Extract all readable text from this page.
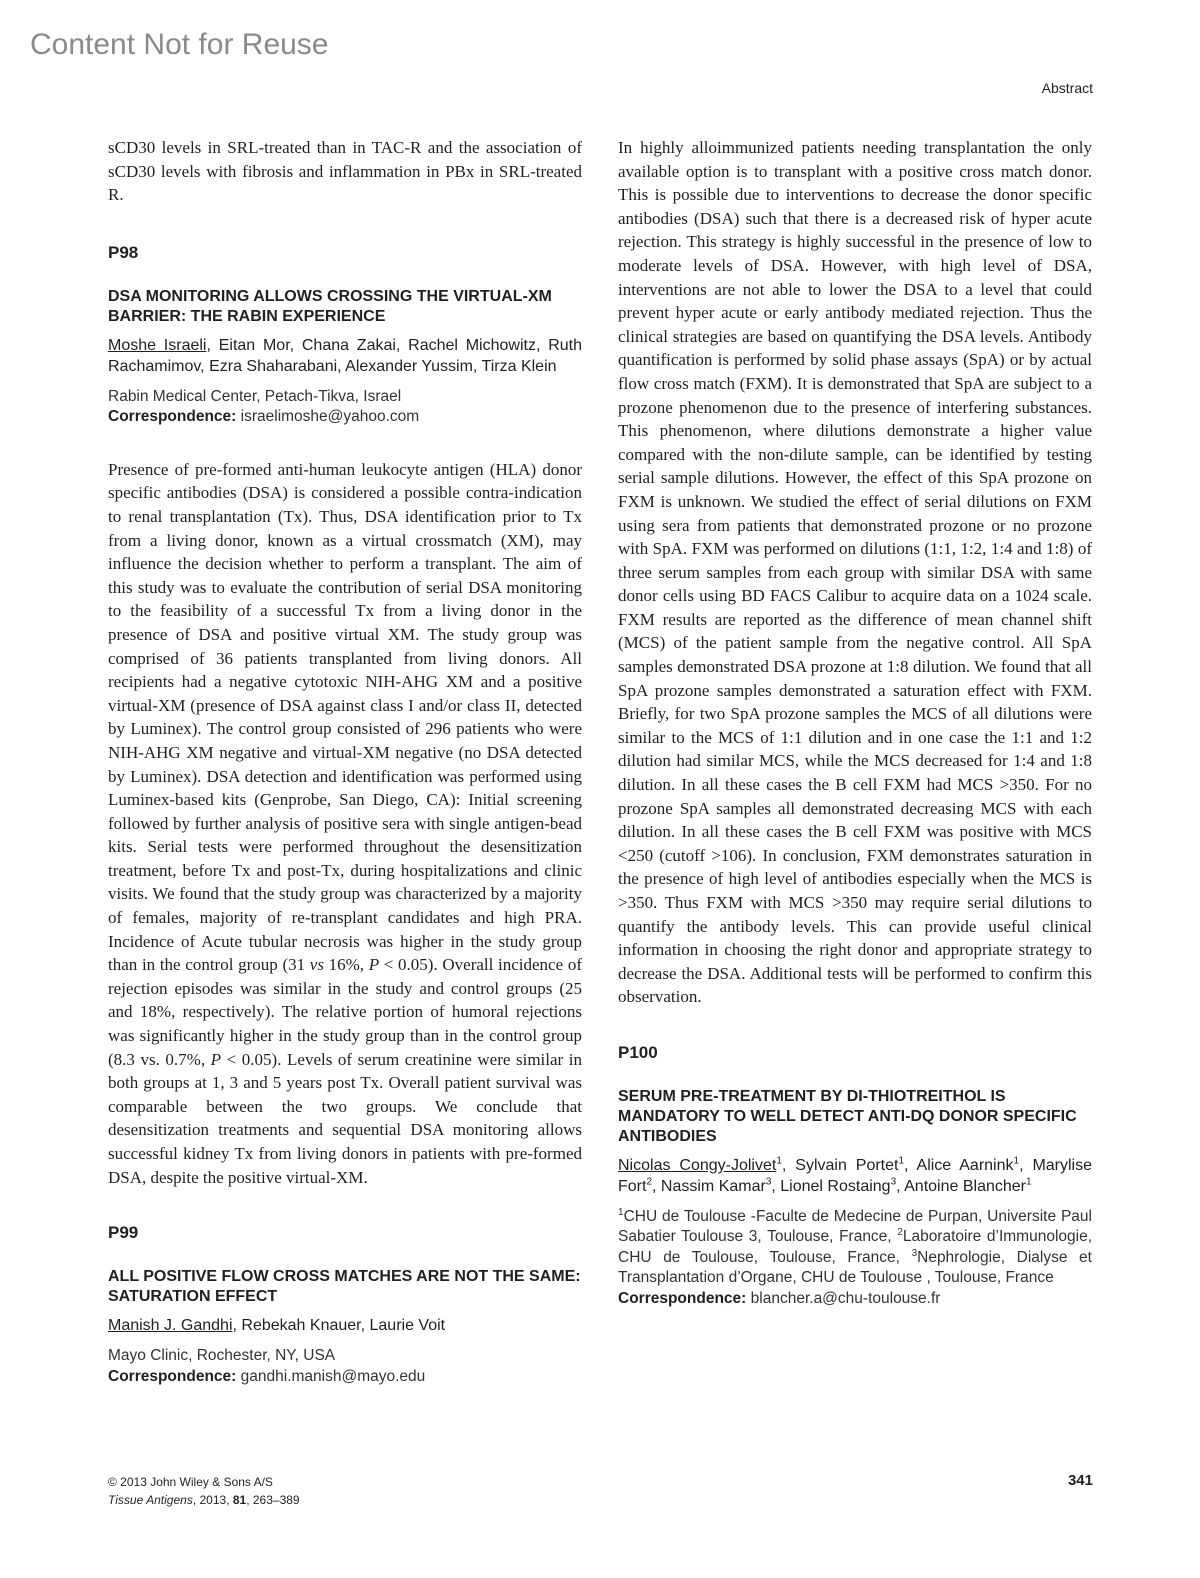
Content Not for Reuse
Abstract

sCD30 levels in SRL-treated than in TAC-R and the association of sCD30 levels with fibrosis and inflammation in PBx in SRL-treated R.

P98

DSA MONITORING ALLOWS CROSSING THE VIRTUAL-XM BARRIER: THE RABIN EXPERIENCE

Moshe Israeli, Eitan Mor, Chana Zakai, Rachel Michowitz, Ruth Rachamimov, Ezra Shaharabani, Alexander Yussim, Tirza Klein

Rabin Medical Center, Petach-Tikva, Israel

Correspondence: israelimoshe@yahoo.com

Presence of pre-formed anti-human leukocyte antigen (HLA) donor specific antibodies (DSA) is considered a possible contra-indication to renal transplantation (Tx). Thus, DSA identification prior to Tx from a living donor, known as a virtual crossmatch (XM), may influence the decision whether to perform a transplant. The aim of this study was to evaluate the contribution of serial DSA monitoring to the feasibility of a successful Tx from a living donor in the presence of DSA and positive virtual XM. The study group was comprised of 36 patients transplanted from living donors. All recipients had a negative cytotoxic NIH-AHG XM and a positive virtual-XM (presence of DSA against class I and/or class II, detected by Luminex). The control group consisted of 296 patients who were NIH-AHG XM negative and virtual-XM negative (no DSA detected by Luminex). DSA detection and identification was performed using Luminex-based kits (Genprobe, San Diego, CA): Initial screening followed by further analysis of positive sera with single antigen-bead kits. Serial tests were performed throughout the desensitization treatment, before Tx and post-Tx, during hospitalizations and clinic visits. We found that the study group was characterized by a majority of females, majority of re-transplant candidates and high PRA. Incidence of Acute tubular necrosis was higher in the study group than in the control group (31 vs 16%, P < 0.05). Overall incidence of rejection episodes was similar in the study and control groups (25 and 18%, respectively). The relative portion of humoral rejections was significantly higher in the study group than in the control group (8.3 vs. 0.7%, P < 0.05). Levels of serum creatinine were similar in both groups at 1, 3 and 5 years post Tx. Overall patient survival was comparable between the two groups. We conclude that desensitization treatments and sequential DSA monitoring allows successful kidney Tx from living donors in patients with pre-formed DSA, despite the positive virtual-XM.

P99

ALL POSITIVE FLOW CROSS MATCHES ARE NOT THE SAME: SATURATION EFFECT

Manish J. Gandhi, Rebekah Knauer, Laurie Voit

Mayo Clinic, Rochester, NY, USA

Correspondence: gandhi.manish@mayo.edu

In highly alloimmunized patients needing transplantation the only available option is to transplant with a positive cross match donor. This is possible due to interventions to decrease the donor specific antibodies (DSA) such that there is a decreased risk of hyper acute rejection. This strategy is highly successful in the presence of low to moderate levels of DSA. However, with high level of DSA, interventions are not able to lower the DSA to a level that could prevent hyper acute or early antibody mediated rejection. Thus the clinical strategies are based on quantifying the DSA levels. Antibody quantification is performed by solid phase assays (SpA) or by actual flow cross match (FXM). It is demonstrated that SpA are subject to a prozone phenomenon due to the presence of interfering substances. This phenomenon, where dilutions demonstrate a higher value compared with the non-dilute sample, can be identified by testing serial sample dilutions. However, the effect of this SpA prozone on FXM is unknown. We studied the effect of serial dilutions on FXM using sera from patients that demonstrated prozone or no prozone with SpA. FXM was performed on dilutions (1:1, 1:2, 1:4 and 1:8) of three serum samples from each group with similar DSA with same donor cells using BD FACS Calibur to acquire data on a 1024 scale. FXM results are reported as the difference of mean channel shift (MCS) of the patient sample from the negative control. All SpA samples demonstrated DSA prozone at 1:8 dilution. We found that all SpA prozone samples demonstrated a saturation effect with FXM. Briefly, for two SpA prozone samples the MCS of all dilutions were similar to the MCS of 1:1 dilution and in one case the 1:1 and 1:2 dilution had similar MCS, while the MCS decreased for 1:4 and 1:8 dilution. In all these cases the B cell FXM had MCS >350. For no prozone SpA samples all demonstrated decreasing MCS with each dilution. In all these cases the B cell FXM was positive with MCS <250 (cutoff >106). In conclusion, FXM demonstrates saturation in the presence of high level of antibodies especially when the MCS is >350. Thus FXM with MCS >350 may require serial dilutions to quantify the antibody levels. This can provide useful clinical information in choosing the right donor and appropriate strategy to decrease the DSA. Additional tests will be performed to confirm this observation.

P100

SERUM PRE-TREATMENT BY DI-THIOTREITHOL IS MANDATORY TO WELL DETECT ANTI-DQ DONOR SPECIFIC ANTIBODIES

Nicolas Congy-Jolivet$^1$, Sylvain Portet$^1$, Alice Aarnink$^1$, Marylise Fort$^2$, Nassim Kamar$^3$, Lionel Rostaing$^3$, Antoine Blancher$^1$

$^1$CHU de Toulouse -Faculte de Medecine de Purpan, Universite Paul Sabatier Toulouse 3, Toulouse, France, $^2$Laboratoire d’Immunologie, CHU de Toulouse, Toulouse, France, $^3$Nephrologie, Dialyse et Transplantation d’Organe, CHU de Toulouse , Toulouse, France

Correspondence: blancher.a@chu-toulouse.fr

© 2013 John Wiley & Sons A/S
Tissue Antigens, 2013, 81, 263–389
341
